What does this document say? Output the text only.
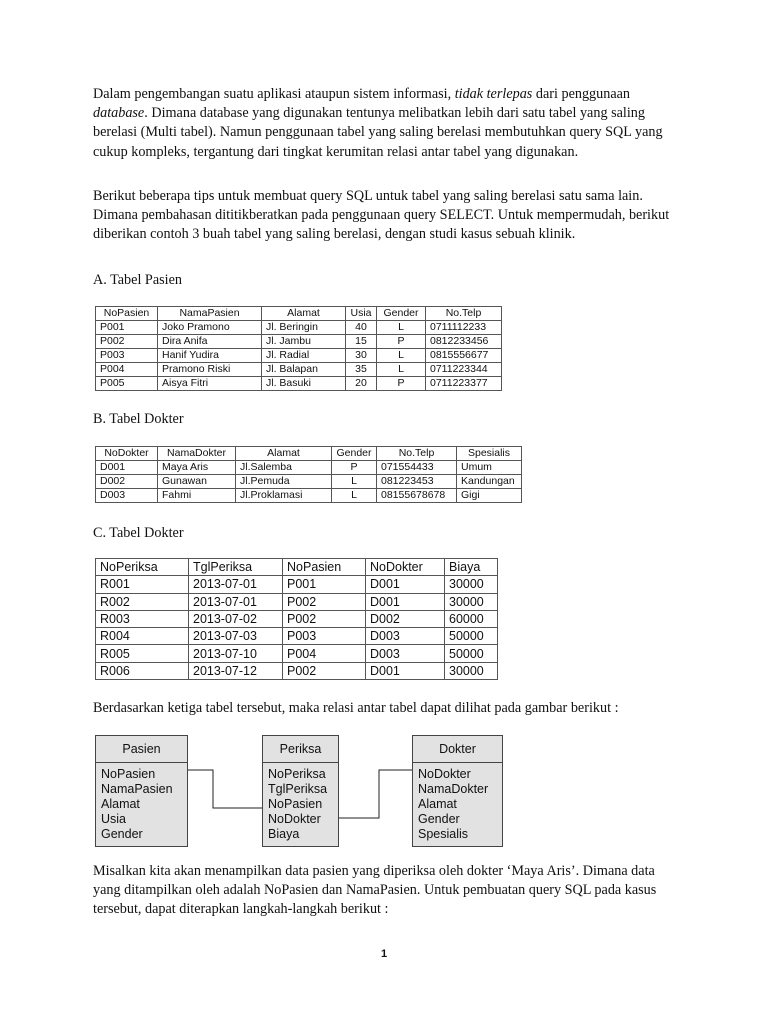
Dalam pengembangan suatu aplikasi ataupun sistem informasi, tidak terlepas dari penggunaan database. Dimana database yang digunakan tentunya melibatkan lebih dari satu tabel yang saling berelasi (Multi tabel). Namun penggunaan tabel yang saling berelasi membutuhkan query SQL yang cukup kompleks, tergantung dari tingkat kerumitan relasi antar tabel yang digunakan.

Berikut beberapa tips untuk membuat query SQL untuk tabel yang saling berelasi satu sama lain. Dimana pembahasan dititikberatkan pada penggunaan query SELECT. Untuk mempermudah, berikut diberikan contoh 3 buah tabel yang saling berelasi, dengan studi kasus sebuah klinik.

A. Tabel Pasien
NoPasien	NamaPasien	Alamat	Usia	Gender	No.Telp
P001	Joko Pramono	Jl. Beringin	40	L	0711112233
P002	Dira Anifa	Jl. Jambu	15	P	0812233456
P003	Hanif Yudira	Jl. Radial	30	L	0815556677
P004	Pramono Riski	Jl. Balapan	35	L	0711223344
P005	Aisya Fitri	Jl. Basuki	20	P	0711223377
B. Tabel Dokter
NoDokter	NamaDokter	Alamat	Gender	No.Telp	Spesialis
D001	Maya Aris	Jl.Salemba	P	071554433	Umum
D002	Gunawan	Jl.Pemuda	L	081223453	Kandungan
D003	Fahmi	Jl.Proklamasi	L	08155678678	Gigi
C. Tabel Dokter
NoPeriksa	TglPeriksa	NoPasien	NoDokter	Biaya
R001	2013-07-01	P001	D001	30000
R002	2013-07-01	P002	D001	30000
R003	2013-07-02	P002	D002	60000
R004	2013-07-03	P003	D003	50000
R005	2013-07-10	P004	D003	50000
R006	2013-07-12	P002	D001	30000
Berdasarkan ketiga tabel tersebut, maka relasi antar tabel dapat dilihat pada gambar berikut :
Pasien
NoPasien
NamaPasien
Alamat
Usia
Gender
Periksa
NoPeriksa
TglPeriksa
NoPasien
NoDokter
Biaya
Dokter
NoDokter
NamaDokter
Alamat
Gender
Spesialis
Misalkan kita akan menampilkan data pasien yang diperiksa oleh dokter ‘Maya Aris’. Dimana data yang ditampilkan oleh adalah NoPasien dan NamaPasien. Untuk pembuatan query SQL pada kasus tersebut, dapat diterapkan langkah-langkah berikut :
1
